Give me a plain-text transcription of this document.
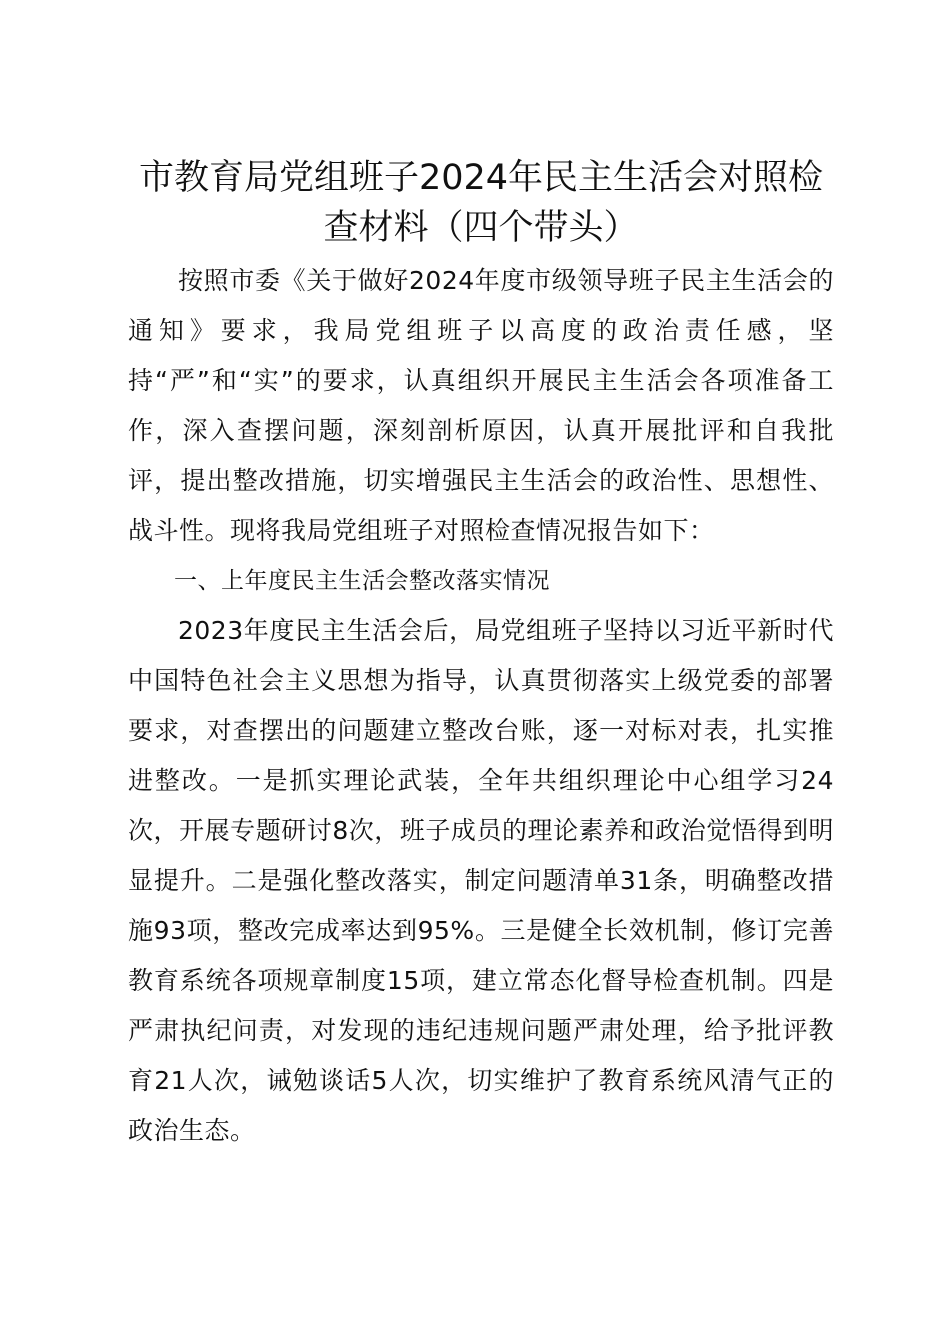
市教育局党组班子2024年民主生活会对照检查材料（四个带头）

按照市委《关于做好2024年度市级领导班子民主生活会的通知》要求，我局党组班子以高度的政治责任感，坚持“严”和“实”的要求，认真组织开展民主生活会各项准备工作，深入查摆问题，深刻剖析原因，认真开展批评和自我批评，提出整改措施，切实增强民主生活会的政治性、思想性、战斗性。现将我局党组班子对照检查情况报告如下：

一、上年度民主生活会整改落实情况

2023年度民主生活会后，局党组班子坚持以习近平新时代中国特色社会主义思想为指导，认真贯彻落实上级党委的部署要求，对查摆出的问题建立整改台账，逐一对标对表，扎实推进整改。一是抓实理论武装，全年共组织理论中心组学习24次，开展专题研讨8次，班子成员的理论素养和政治觉悟得到明显提升。二是强化整改落实，制定问题清单31条，明确整改措施93项，整改完成率达到95%。三是健全长效机制，修订完善教育系统各项规章制度15项，建立常态化督导检查机制。四是严肃执纪问责，对发现的违纪违规问题严肃处理，给予批评教育21人次，诫勉谈话5人次，切实维护了教育系统风清气正的政治生态。
